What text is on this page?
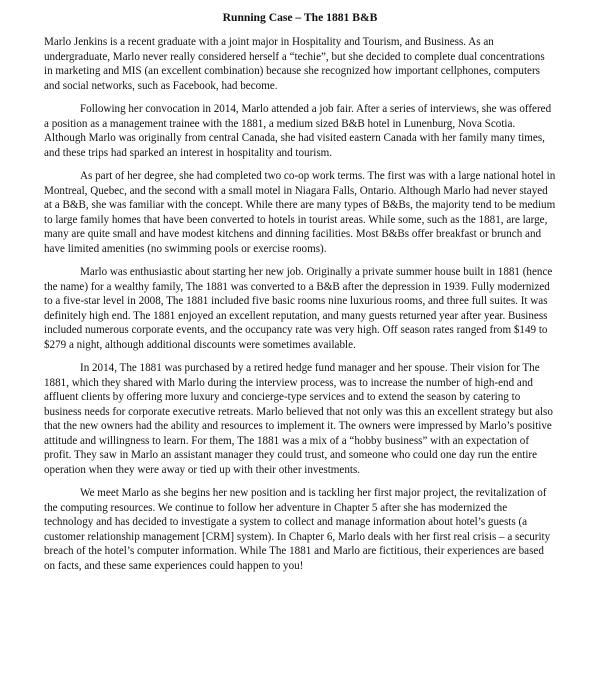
Running Case – The 1881 B&B

Marlo Jenkins is a recent graduate with a joint major in Hospitality and Tourism, and Business. As an undergraduate, Marlo never really considered herself a “techie”, but she decided to complete dual concentrations in marketing and MIS (an excellent combination) because she recognized how important cellphones, computers and social networks, such as Facebook, had become.

Following her convocation in 2014, Marlo attended a job fair. After a series of interviews, she was offered a position as a management trainee with the 1881, a medium sized B&B hotel in Lunenburg, Nova Scotia. Although Marlo was originally from central Canada, she had visited eastern Canada with her family many times, and these trips had sparked an interest in hospitality and tourism.

As part of her degree, she had completed two co-op work terms. The first was with a large national hotel in Montreal, Quebec, and the second with a small motel in Niagara Falls, Ontario. Although Marlo had never stayed at a B&B, she was familiar with the concept. While there are many types of B&Bs, the majority tend to be medium to large family homes that have been converted to hotels in tourist areas. While some, such as the 1881, are large, many are quite small and have modest kitchens and dinning facilities. Most B&Bs offer breakfast or brunch and have limited amenities (no swimming pools or exercise rooms).

Marlo was enthusiastic about starting her new job. Originally a private summer house built in 1881 (hence the name) for a wealthy family, The 1881 was converted to a B&B after the depression in 1939. Fully modernized to a five-star level in 2008, The 1881 included five basic rooms nine luxurious rooms, and three full suites. It was definitely high end. The 1881 enjoyed an excellent reputation, and many guests returned year after year. Business included numerous corporate events, and the occupancy rate was very high. Off season rates ranged from $149 to $279 a night, although additional discounts were sometimes available.

In 2014, The 1881 was purchased by a retired hedge fund manager and her spouse. Their vision for The 1881, which they shared with Marlo during the interview process, was to increase the number of high-end and affluent clients by offering more luxury and concierge-type services and to extend the season by catering to business needs for corporate executive retreats. Marlo believed that not only was this an excellent strategy but also that the new owners had the ability and resources to implement it. The owners were impressed by Marlo’s positive attitude and willingness to learn. For them, The 1881 was a mix of a “hobby business” with an expectation of profit. They saw in Marlo an assistant manager they could trust, and someone who could one day run the entire operation when they were away or tied up with their other investments.

We meet Marlo as she begins her new position and is tackling her first major project, the revitalization of the computing resources. We continue to follow her adventure in Chapter 5 after she has modernized the technology and has decided to investigate a system to collect and manage information about hotel’s guests (a customer relationship management [CRM] system). In Chapter 6, Marlo deals with her first real crisis – a security breach of the hotel’s computer information. While The 1881 and Marlo are fictitious, their experiences are based on facts, and these same experiences could happen to you!
